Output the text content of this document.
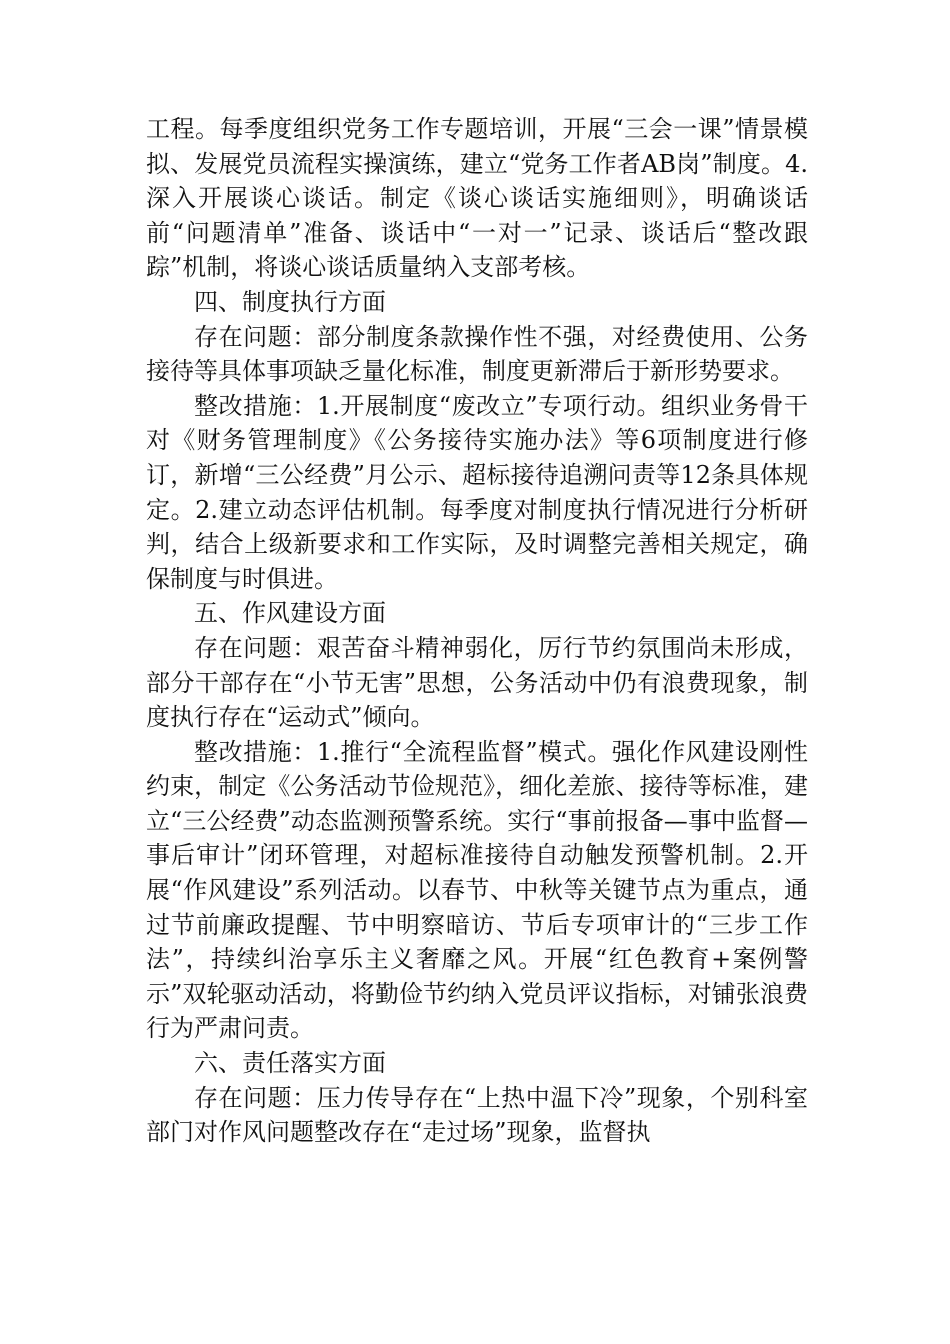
工程。每季度组织党务工作专题培训，开展“三会一课”情景模拟、发展党员流程实操演练，建立“党务工作者AB岗”制度。4.深入开展谈心谈话。制定《谈心谈话实施细则》，明确谈话前“问题清单”准备、谈话中“一对一”记录、谈话后“整改跟踪”机制，将谈心谈话质量纳入支部考核。

四、制度执行方面

存在问题：部分制度条款操作性不强，对经费使用、公务接待等具体事项缺乏量化标准，制度更新滞后于新形势要求。

整改措施：1.开展制度“废改立”专项行动。组织业务骨干对《财务管理制度》《公务接待实施办法》等6项制度进行修订，新增“三公经费”月公示、超标接待追溯问责等12条具体规定。2.建立动态评估机制。每季度对制度执行情况进行分析研判，结合上级新要求和工作实际，及时调整完善相关规定，确保制度与时俱进。

五、作风建设方面

存在问题：艰苦奋斗精神弱化，厉行节约氛围尚未形成，部分干部存在“小节无害”思想，公务活动中仍有浪费现象，制度执行存在“运动式”倾向。

整改措施：1.推行“全流程监督”模式。强化作风建设刚性约束，制定《公务活动节俭规范》，细化差旅、接待等标准，建立“三公经费”动态监测预警系统。实行“事前报备—事中监督—事后审计”闭环管理，对超标准接待自动触发预警机制。2.开展“作风建设”系列活动。以春节、中秋等关键节点为重点，通过节前廉政提醒、节中明察暗访、节后专项审计的“三步工作法”，持续纠治享乐主义奢靡之风。开展“红色教育+案例警示”双轮驱动活动，将勤俭节约纳入党员评议指标，对铺张浪费行为严肃问责。

六、责任落实方面

存在问题：压力传导存在“上热中温下冷”现象，个别科室部门对作风问题整改存在“走过场”现象，监督执
